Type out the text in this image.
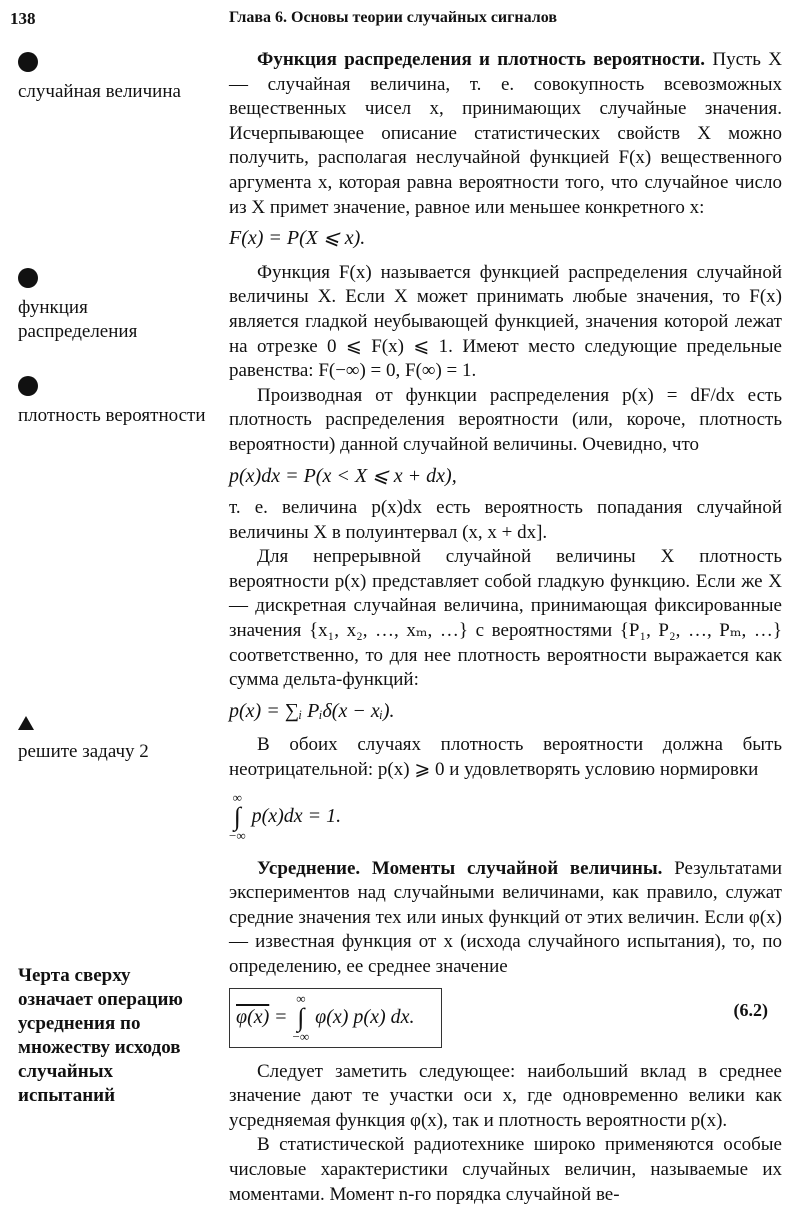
138	Глава 6. Основы теории случайных сигналов
случайная величина
функция распределения
плотность вероятности
решите задачу 2
Черта сверху означает операцию усреднения по множеству исходов случайных испытаний

Функция распределения и плотность вероятности. Пусть X — случайная величина, т. е. совокупность всевозможных вещественных чисел x, принимающих случайные значения. Исчерпывающее описание статистических свойств X можно получить, располагая неслучайной функцией F(x) вещественного аргумента x, которая равна вероятности того, что случайное число из X примет значение, равное или меньшее конкретного x:

F(x) = P(X ⩽ x).

Функция F(x) называется функцией распределения случайной величины X. Если X может принимать любые значения, то F(x) является гладкой неубывающей функцией, значения которой лежат на отрезке 0 ⩽ F(x) ⩽ 1. Имеют место следующие предельные равенства: F(−∞) = 0, F(∞) = 1.

Производная от функции распределения p(x) = dF/dx есть плотность распределения вероятности (или, короче, плотность вероятности) данной случайной величины. Очевидно, что

p(x)dx = P(x < X ⩽ x + dx),

т. е. величина p(x)dx есть вероятность попадания случайной величины X в полуинтервал (x, x + dx].

Для непрерывной случайной величины X плотность вероятности p(x) представляет собой гладкую функцию. Если же X — дискретная случайная величина, принимающая фиксированные значения {x₁, x₂, …, xₘ, …} с вероятностями {P₁, P₂, …, Pₘ, …} соответственно, то для нее плотность вероятности выражается как сумма дельта-функций:

p(x) = ∑ᵢ Pᵢδ(x − xᵢ).

В обоих случаях плотность вероятности должна быть неотрицательной: p(x) ⩾ 0 и удовлетворять условию нормировки

∞
∫
−∞
p(x)dx = 1.

Усреднение. Моменты случайной величины. Результатами экспериментов над случайными величинами, как правило, служат средние значения тех или иных функций от этих величин. Если φ(x) — известная функция от x (исхода случайного испытания), то, по определению, ее среднее значение

φ(x) =
∞
∫
−∞
φ(x) p(x) dx.	(6.2)

Следует заметить следующее: наибольший вклад в среднее значение дают те участки оси x, где одновременно велики как усредняемая функция φ(x), так и плотность вероятности p(x).

В статистической радиотехнике широко применяются особые числовые характеристики случайных величин, называемые их моментами. Момент n-го порядка случайной ве-
